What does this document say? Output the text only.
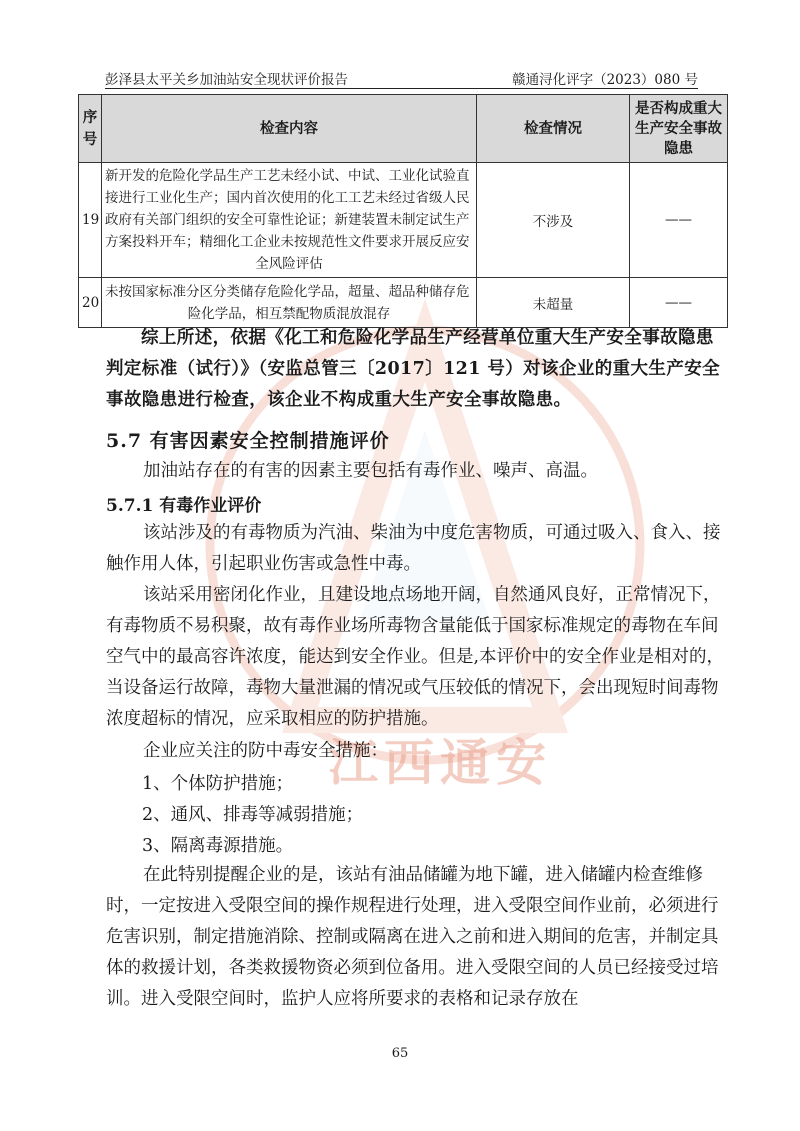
江西通安
彭泽县太平关乡加油站安全现状评价报告	赣通浔化评字（2023）080 号
序号	检查内容	检查情况	是否构成重大生产安全事故隐患
19	新开发的危险化学品生产工艺未经小试、中试、工业化试验直
接进行工业化生产；国内首次使用的化工工艺未经过省级人民
政府有关部门组织的安全可靠性论证；新建装置未制定试生产
方案投料开车；精细化工企业未按规范性文件要求开展反应安
全风险评估	不涉及	——
20	未按国家标准分区分类储存危险化学品，超量、超品种储存危
险化学品，相互禁配物质混放混存	未超量	——
综上所述，依据《化工和危险化学品生产经营单位重大生产安全事故隐患判定标准（试行）》（安监总管三〔2017〕121 号）对该企业的重大生产安全事故隐患进行检查，该企业不构成重大生产安全事故隐患。
5.7 有害因素安全控制措施评价
加油站存在的有害的因素主要包括有毒作业、噪声、高温。
5.7.1 有毒作业评价
该站涉及的有毒物质为汽油、柴油为中度危害物质，可通过吸入、食入、接触作用人体，引起职业伤害或急性中毒。
该站采用密闭化作业，且建设地点场地开阔，自然通风良好，正常情况下，有毒物质不易积聚，故有毒作业场所毒物含量能低于国家标准规定的毒物在车间空气中的最高容许浓度，能达到安全作业。但是,本评价中的安全作业是相对的，当设备运行故障，毒物大量泄漏的情况或气压较低的情况下，会出现短时间毒物浓度超标的情况，应采取相应的防护措施。
企业应关注的防中毒安全措施：
1、个体防护措施；
2、通风、排毒等减弱措施；
3、隔离毒源措施。
在此特别提醒企业的是，该站有油品储罐为地下罐，进入储罐内检查维修时，一定按进入受限空间的操作规程进行处理，进入受限空间作业前，必须进行危害识别，制定措施消除、控制或隔离在进入之前和进入期间的危害，并制定具体的救援计划，各类救援物资必须到位备用。进入受限空间的人员已经接受过培训。进入受限空间时，监护人应将所要求的表格和记录存放在
65
